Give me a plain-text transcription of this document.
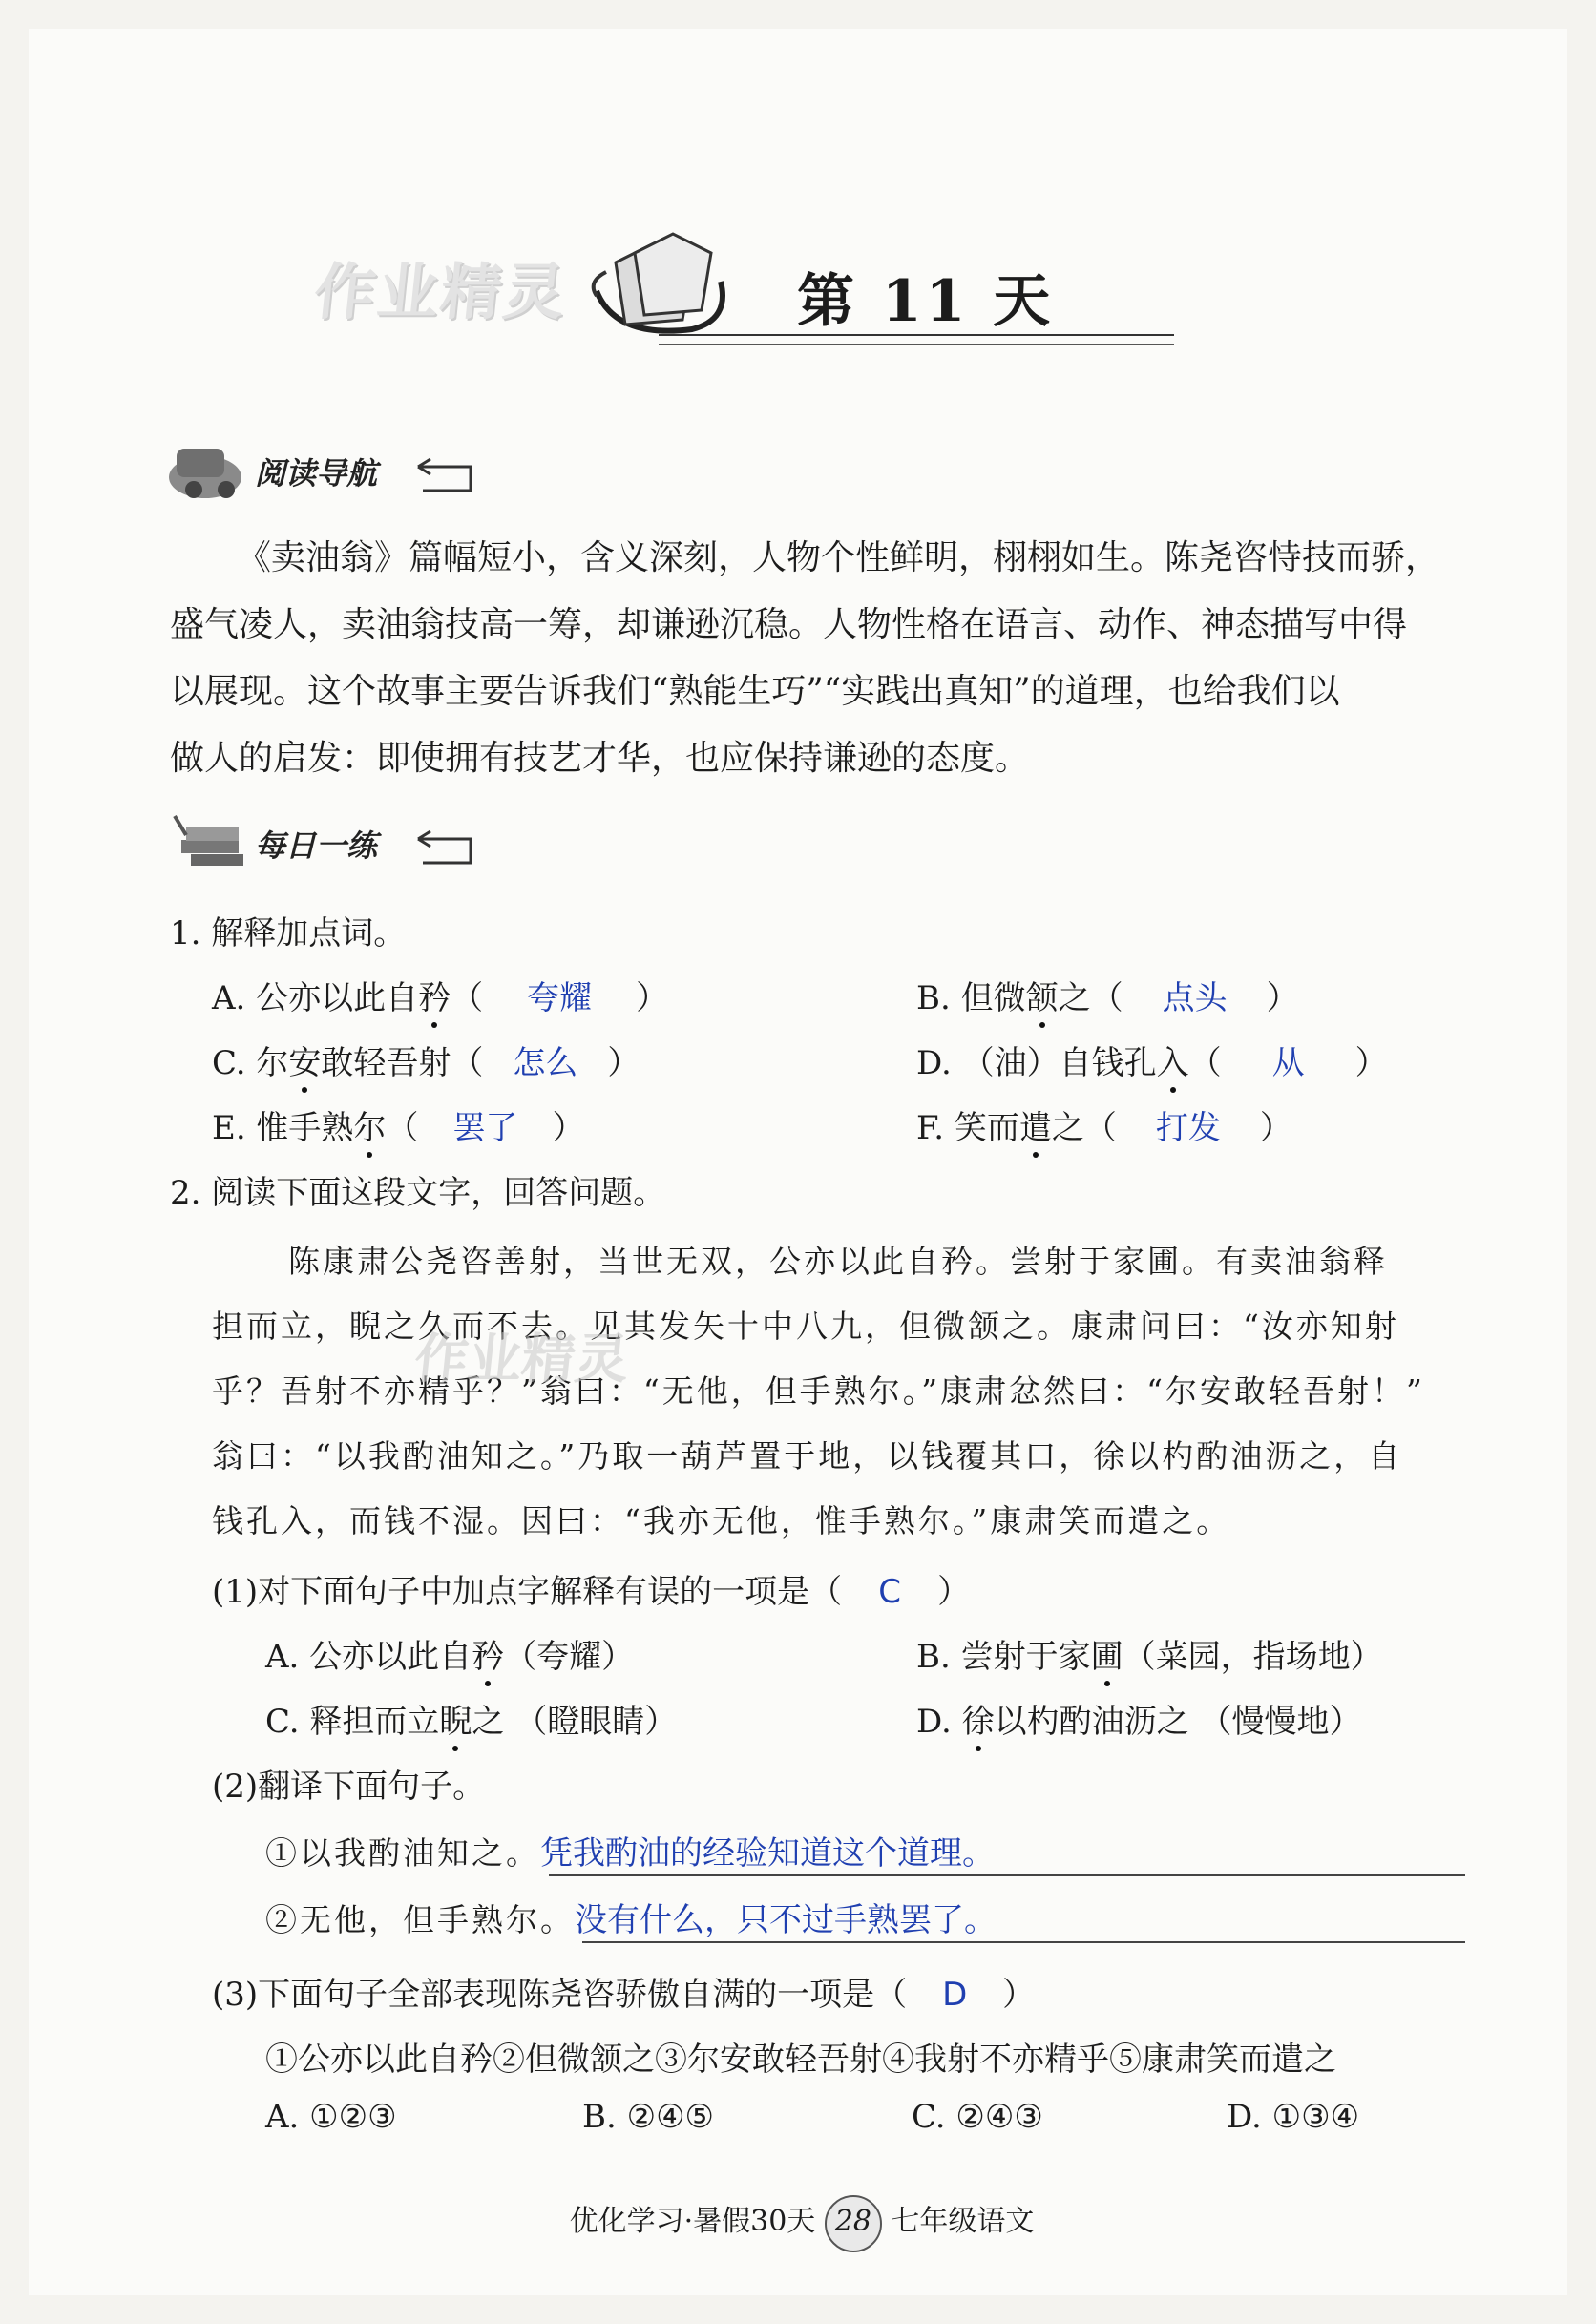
作业精灵	第 11 天
阅读导航
《卖油翁》篇幅短小，含义深刻，人物个性鲜明，栩栩如生。陈尧咨恃技而骄，
盛气凌人，卖油翁技高一筹，却谦逊沉稳。人物性格在语言、动作、神态描写中得
以展现。这个故事主要告诉我们“熟能生巧”“实践出真知”的道理，也给我们以
做人的启发：即使拥有技艺才华，也应保持谦逊的态度。
每日一练
1. 解释加点词。
A. 公亦以此自矜（ 夸耀 ）	B. 但微颔之（ 点头 ）
C. 尔安敢轻吾射（ 怎么 ）	D. （油）自钱孔入（ 从 ）
E. 惟手熟尔（ 罢了 ）	F. 笑而遣之（ 打发 ）
2. 阅读下面这段文字，回答问题。
陈康肃公尧咨善射，当世无双，公亦以此自矜。尝射于家圃。有卖油翁释
担而立，睨之久而不去。见其发矢十中八九，但微颔之。康肃问曰：“汝亦知射
乎？吾射不亦精乎？”翁曰：“无他，但手熟尔。”康肃忿然曰：“尔安敢轻吾射！”
翁曰：“以我酌油知之。”乃取一葫芦置于地，以钱覆其口，徐以杓酌油沥之，自
钱孔入，而钱不湿。因曰：“我亦无他，惟手熟尔。”康肃笑而遣之。
作业精灵
(1)对下面句子中加点字解释有误的一项是（ C ）
A. 公亦以此自矜（夸耀）	B. 尝射于家圃（菜园，指场地）
C. 释担而立睨之 （瞪眼睛）	D. 徐以杓酌油沥之 （慢慢地）
(2)翻译下面句子。
①以我酌油知之。凭我酌油的经验知道这个道理。
②无他，但手熟尔。没有什么，只不过手熟罢了。
(3)下面句子全部表现陈尧咨骄傲自满的一项是（ D ）
①公亦以此自矜②但微颔之③尔安敢轻吾射④我射不亦精乎⑤康肃笑而遣之
A. ①②③	B. ②④⑤	C. ②④③	D. ①③④
优化学习·暑假30天 28 七年级语文
